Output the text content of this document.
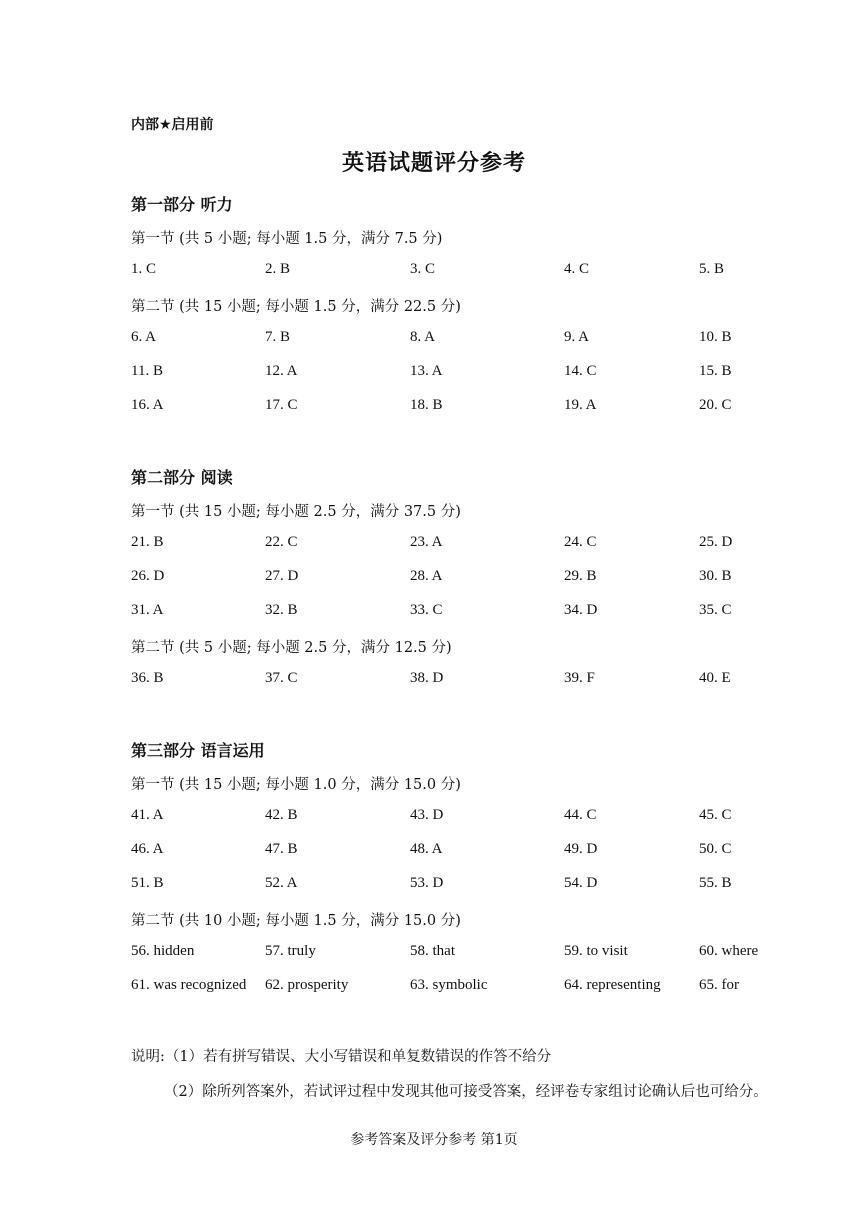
内部★启用前
英语试题评分参考
第一部分 听力
第一节 (共 5 小题; 每小题 1.5 分，满分 7.5 分)
1. C	2. B	3. C	4. C	5. B
第二节 (共 15 小题; 每小题 1.5 分，满分 22.5 分)
6. A	7. B	8. A	9. A	10. B
11. B	12. A	13. A	14. C	15. B
16. A	17. C	18. B	19. A	20. C
第二部分 阅读
第一节 (共 15 小题; 每小题 2.5 分，满分 37.5 分)
21. B	22. C	23. A	24. C	25. D
26. D	27. D	28. A	29. B	30. B
31. A	32. B	33. C	34. D	35. C
第二节 (共 5 小题; 每小题 2.5 分，满分 12.5 分)
36. B	37. C	38. D	39. F	40. E
第三部分 语言运用
第一节 (共 15 小题; 每小题 1.0 分，满分 15.0 分)
41. A	42. B	43. D	44. C	45. C
46. A	47. B	48. A	49. D	50. C
51. B	52. A	53. D	54. D	55. B
第二节 (共 10 小题; 每小题 1.5 分，满分 15.0 分)
56. hidden	57. truly	58. that	59. to visit	60. where
61. was recognized 62. prosperity	63. symbolic	64. representing	65. for
说明:（1）若有拼写错误、大小写错误和单复数错误的作答不给分
（2）除所列答案外，若试评过程中发现其他可接受答案，经评卷专家组讨论确认后也可给分。
参考答案及评分参考 第1页
